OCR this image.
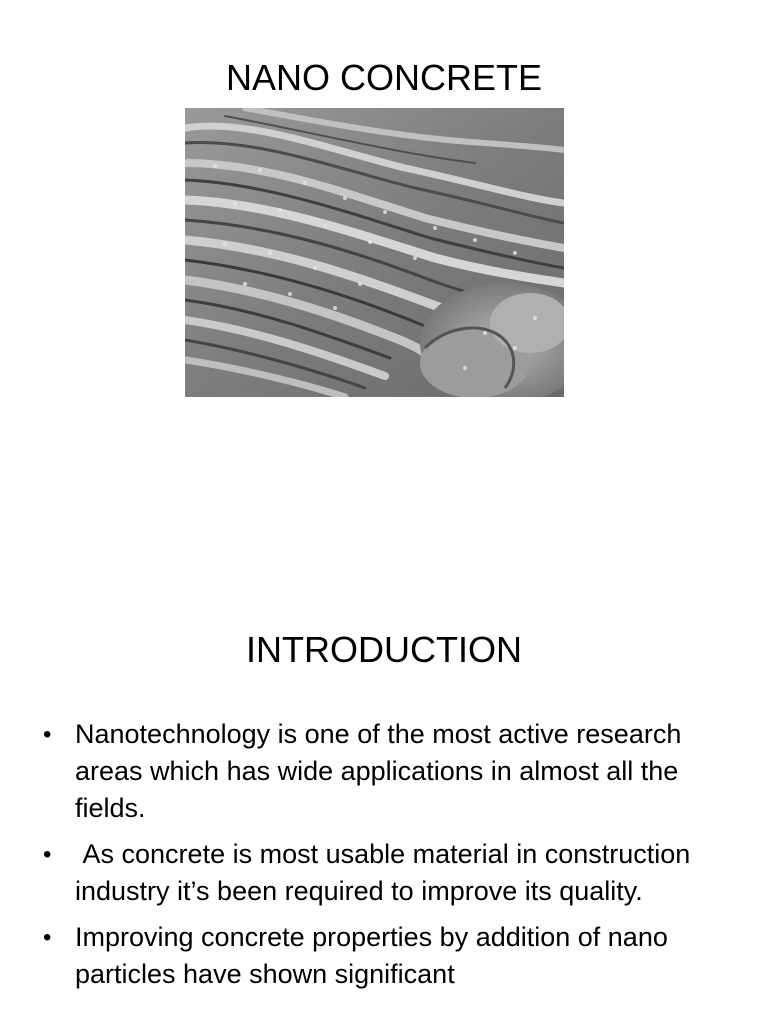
NANO CONCRETE
INTRODUCTION
• Nanotechnology is one of the most active research areas which has wide applications in almost all the fields.
• As concrete is most usable material in construction industry it’s been required to improve its quality.
• Improving concrete properties by addition of nano particles have shown significant
